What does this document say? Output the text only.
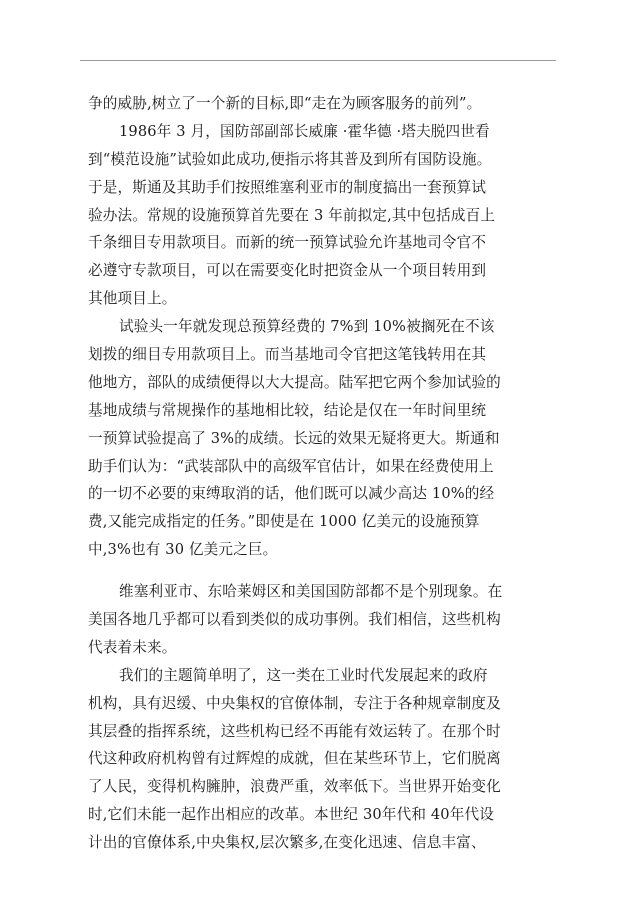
争的威胁,树立了一个新的目标,即“走在为顾客服务的前列”。
1986年 3 月，国防部副部长威廉 ·霍华德 ·塔夫脱四世看
到“模范设施”试验如此成功,便指示将其普及到所有国防设施。
于是，斯通及其助手们按照维塞利亚市的制度搞出一套预算试
验办法。常规的设施预算首先要在 3 年前拟定,其中包括成百上
千条细目专用款项目。而新的统一预算试验允许基地司令官不
必遵守专款项目，可以在需要变化时把资金从一个项目转用到
其他项目上。
试验头一年就发现总预算经费的 7%到 10%被搁死在不该
划拨的细目专用款项目上。而当基地司令官把这笔钱转用在其
他地方，部队的成绩便得以大大提高。陆军把它两个参加试验的
基地成绩与常规操作的基地相比较，结论是仅在一年时间里统
一预算试验提高了 3%的成绩。长远的效果无疑将更大。斯通和
助手们认为：“武装部队中的高级军官估计，如果在经费使用上
的一切不必要的束缚取消的话，他们既可以减少高达 10%的经
费,又能完成指定的任务。”即使是在 1000 亿美元的设施预算
中,3%也有 30 亿美元之巨。
维塞利亚市、东哈莱姆区和美国国防部都不是个别现象。在
美国各地几乎都可以看到类似的成功事例。我们相信，这些机构
代表着未来。
我们的主题简单明了，这一类在工业时代发展起来的政府
机构，具有迟缓、中央集权的官僚体制，专注于各种规章制度及
其层叠的指挥系统，这些机构已经不再能有效运转了。在那个时
代这种政府机构曾有过辉煌的成就，但在某些环节上，它们脱离
了人民，变得机构臃肿，浪费严重，效率低下。当世界开始变化
时,它们未能一起作出相应的改革。本世纪 30年代和 40年代设
计出的官僚体系,中央集权,层次繁多,在变化迅速、信息丰富、
